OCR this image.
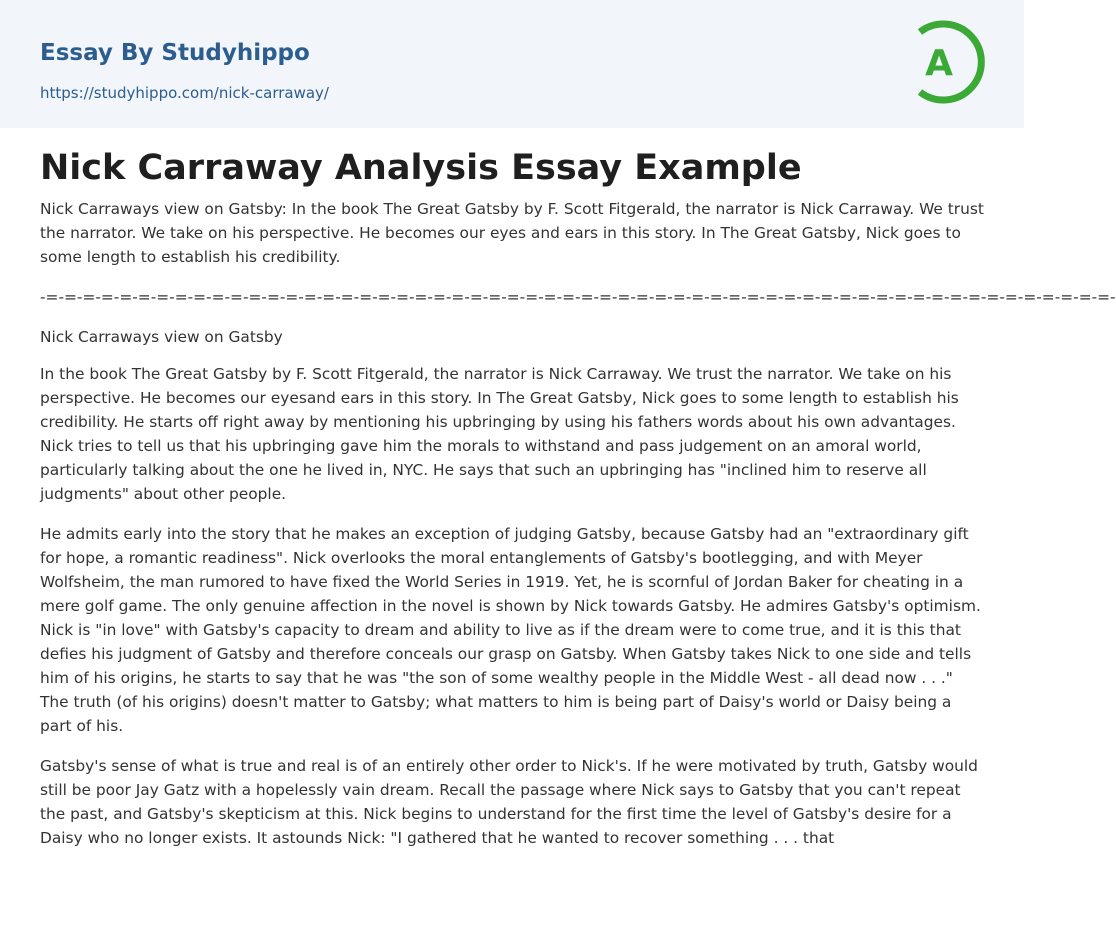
Essay By Studyhippo
https://studyhippo.com/nick-carraway/
A
Nick Carraway Analysis Essay Example

Nick Carraways view on Gatsby: In the book The Great Gatsby by F. Scott Fitgerald, the narrator is Nick Carraway. We trust the narrator. We take on his perspective. He becomes our eyes and ears in this story. In The Great Gatsby, Nick goes to some length to establish his credibility.

-=-=-=-=-=-=-=-=-=-=-=-=-=-=-=-=-=-=-=-=-=-=-=-=-=-=-=-=-=-=-=-=-=-=-=-=-=-=-=-=-=-=-=-=-=-=-=-=-=-=-=-=-=-=-=-=-=-=-

Nick Carraways view on Gatsby

In the book The Great Gatsby by F. Scott Fitgerald, the narrator is Nick Carraway. We trust the narrator. We take on his perspective. He becomes our eyesand ears in this story. In The Great Gatsby, Nick goes to some length to establish his credibility. He starts off right away by mentioning his upbringing by using his fathers words about his own advantages. Nick tries to tell us that his upbringing gave him the morals to withstand and pass judgement on an amoral world, particularly talking about the one he lived in, NYC. He says that such an upbringing has "inclined him to reserve all judgments" about other people.

He admits early into the story that he makes an exception of judging Gatsby, because Gatsby had an "extraordinary gift for hope, a romantic readiness". Nick overlooks the moral entanglements of Gatsby's bootlegging, and with Meyer Wolfsheim, the man rumored to have fixed the World Series in 1919. Yet, he is scornful of Jordan Baker for cheating in a mere golf game. The only genuine affection in the novel is shown by Nick towards Gatsby. He admires Gatsby's optimism. Nick is "in love" with Gatsby's capacity to dream and ability to live as if the dream were to come true, and it is this that defies his judgment of Gatsby and therefore conceals our grasp on Gatsby. When Gatsby takes Nick to one side and tells him of his origins, he starts to say that he was "the son of some wealthy people in the Middle West - all dead now . . ." The truth (of his origins) doesn't matter to Gatsby; what matters to him is being part of Daisy's world or Daisy being a part of his.

Gatsby's sense of what is true and real is of an entirely other order to Nick's. If he were motivated by truth, Gatsby would still be poor Jay Gatz with a hopelessly vain dream. Recall the passage where Nick says to Gatsby that you can't repeat the past, and Gatsby's skepticism at this. Nick begins to understand for the first time the level of Gatsby's desire for a Daisy who no longer exists. It astounds Nick: "I gathered that he wanted to recover something . . . that
